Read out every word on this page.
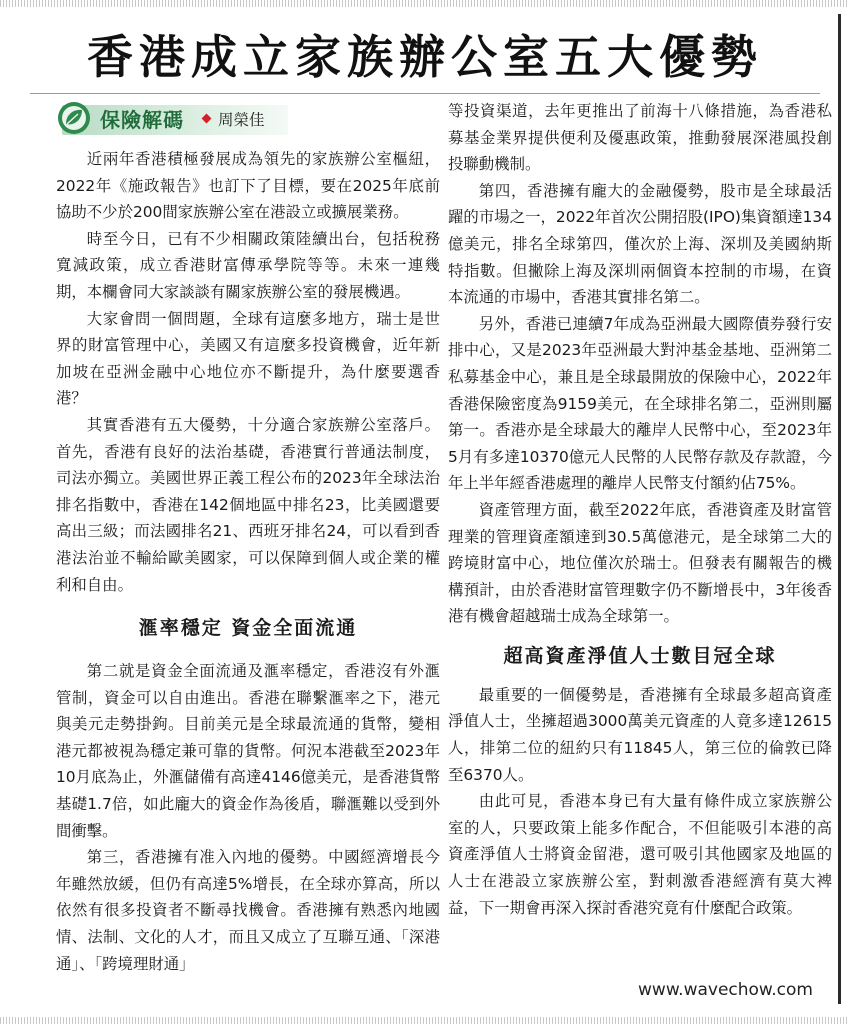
香港成立家族辦公室五大優勢
保險解碼 周榮佳

近兩年香港積極發展成為領先的家族辦公室樞紐，2022年《施政報告》也訂下了目標，要在2025年底前協助不少於200間家族辦公室在港設立或擴展業務。

時至今日，已有不少相關政策陸續出台，包括稅務寬減政策，成立香港財富傳承學院等等。未來一連幾期，本欄會同大家談談有關家族辦公室的發展機遇。

大家會問一個問題，全球有這麼多地方，瑞士是世界的財富管理中心，美國又有這麼多投資機會，近年新加坡在亞洲金融中心地位亦不斷提升，為什麼要選香港？

其實香港有五大優勢，十分適合家族辦公室落戶。首先，香港有良好的法治基礎，香港實行普通法制度，司法亦獨立。美國世界正義工程公布的2023年全球法治排名指數中，香港在142個地區中排名23，比美國還要高出三級；而法國排名21、西班牙排名24，可以看到香港法治並不輸給歐美國家，可以保障到個人或企業的權利和自由。

滙率穩定 資金全面流通

第二就是資金全面流通及滙率穩定，香港沒有外滙管制，資金可以自由進出。香港在聯繫滙率之下，港元與美元走勢掛鉤。目前美元是全球最流通的貨幣，變相港元都被視為穩定兼可靠的貨幣。何況本港截至2023年10月底為止，外滙儲備有高達4146億美元，是香港貨幣基礎1.7倍，如此龐大的資金作為後盾，聯滙難以受到外間衝擊。

第三，香港擁有准入內地的優勢。中國經濟增長今年雖然放緩，但仍有高達5%增長，在全球亦算高，所以依然有很多投資者不斷尋找機會。香港擁有熟悉內地國情、法制、文化的人才，而且又成立了互聯互通、「深港通」、「跨境理財通」

等投資渠道，去年更推出了前海十八條措施，為香港私募基金業界提供便利及優惠政策，推動發展深港風投創投聯動機制。

第四，香港擁有龐大的金融優勢，股市是全球最活躍的市場之一，2022年首次公開招股(IPO)集資額達134億美元，排名全球第四，僅次於上海、深圳及美國納斯特指數。但撇除上海及深圳兩個資本控制的市場，在資本流通的市場中，香港其實排名第二。

另外，香港已連續7年成為亞洲最大國際債券發行安排中心，又是2023年亞洲最大對沖基金基地、亞洲第二私募基金中心，兼且是全球最開放的保險中心，2022年香港保險密度為9159美元，在全球排名第二，亞洲則屬第一。香港亦是全球最大的離岸人民幣中心，至2023年5月有多達10370億元人民幣的人民幣存款及存款證，今年上半年經香港處理的離岸人民幣支付額約佔75%。

資產管理方面，截至2022年底，香港資產及財富管理業的管理資產額達到30.5萬億港元，是全球第二大的跨境財富中心，地位僅次於瑞士。但發表有關報告的機構預計，由於香港財富管理數字仍不斷增長中，3年後香港有機會超越瑞士成為全球第一。

超高資產淨值人士數目冠全球

最重要的一個優勢是，香港擁有全球最多超高資產淨值人士，坐擁超過3000萬美元資產的人竟多達12615人，排第二位的紐約只有11845人，第三位的倫敦已降至6370人。

由此可見，香港本身已有大量有條件成立家族辦公室的人，只要政策上能多作配合，不但能吸引本港的高資產淨值人士將資金留港，還可吸引其他國家及地區的人士在港設立家族辦公室，對刺激香港經濟有莫大裨益，下一期會再深入探討香港究竟有什麼配合政策。

www.wavechow.com
